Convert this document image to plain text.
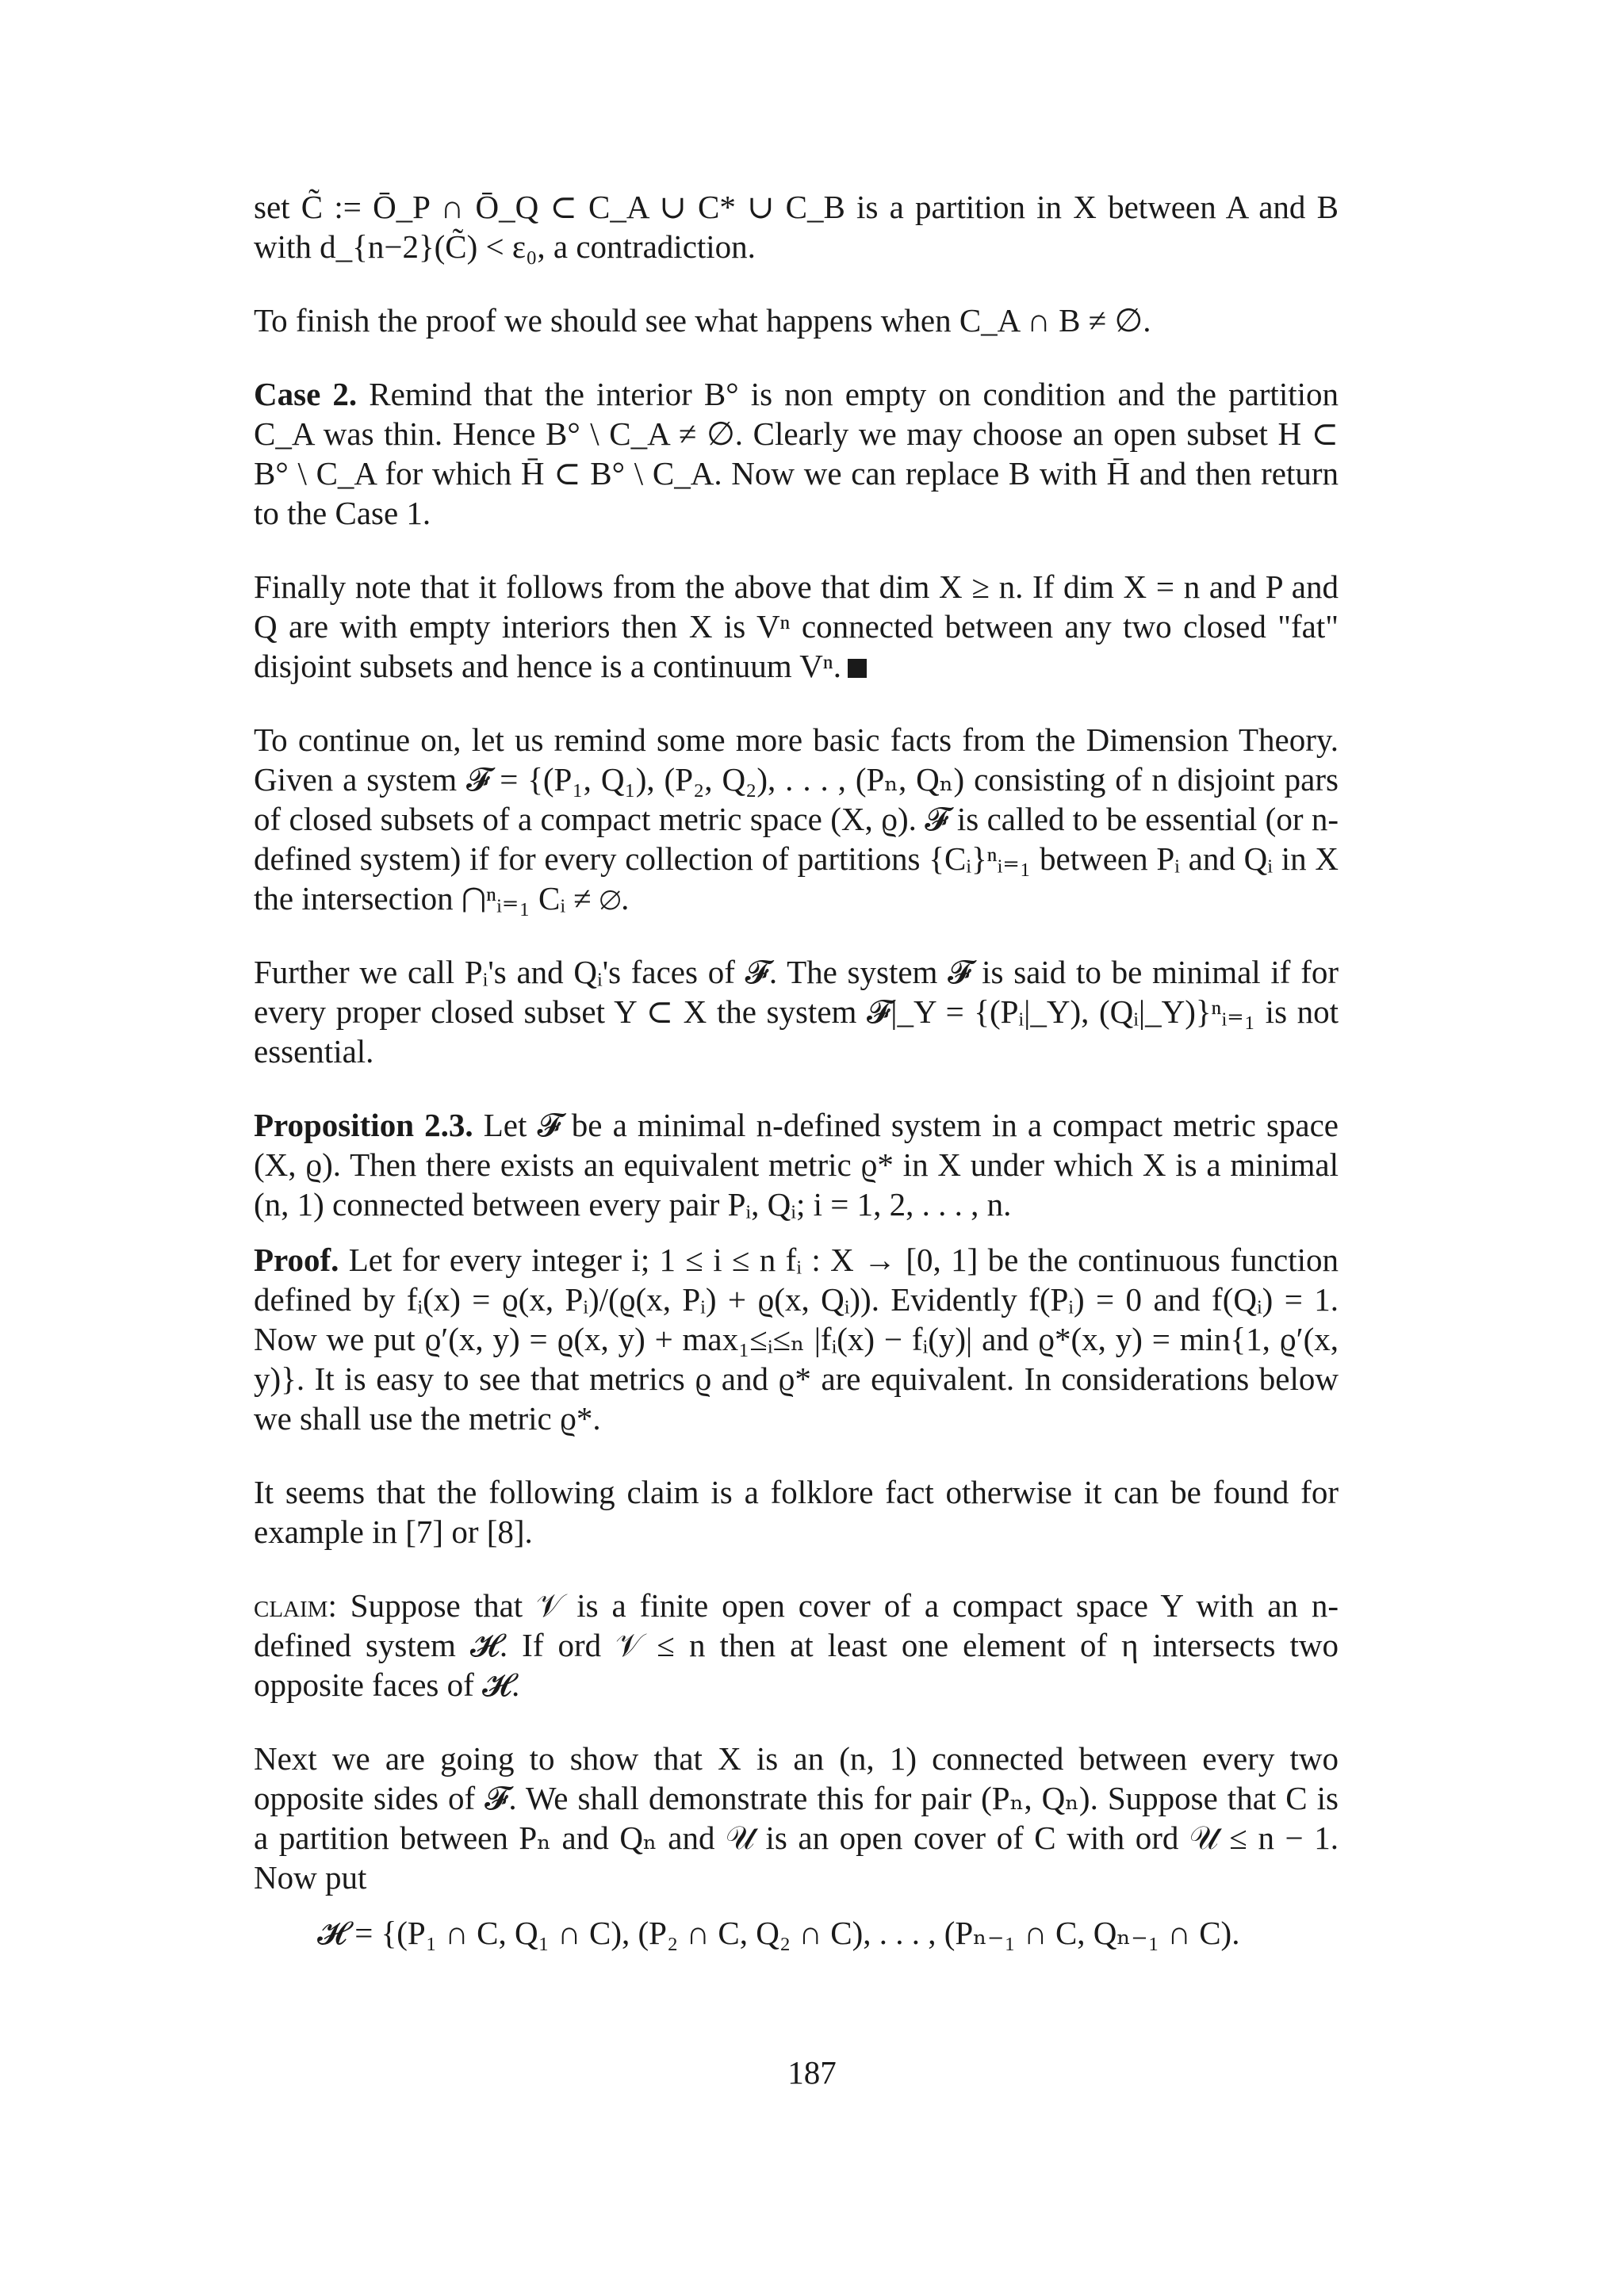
set C̃ := Ō_P ∩ Ō_Q ⊂ C_A ∪ C* ∪ C_B is a partition in X between A and B with d_{n−2}(C̃) < ε₀, a contradiction.

To finish the proof we should see what happens when C_A ∩ B ≠ ∅.

Case 2. Remind that the interior B° is non empty on condition and the partition C_A was thin. Hence B° \ C_A ≠ ∅. Clearly we may choose an open subset H ⊂ B° \ C_A for which H̄ ⊂ B° \ C_A. Now we can replace B with H̄ and then return to the Case 1.

Finally note that it follows from the above that dim X ≥ n. If dim X = n and P and Q are with empty interiors then X is Vⁿ connected between any two closed "fat" disjoint subsets and hence is a continuum Vⁿ.

To continue on, let us remind some more basic facts from the Dimension Theory. Given a system 𝓕 = {(P₁, Q₁), (P₂, Q₂), . . . , (Pₙ, Qₙ) consisting of n disjoint pars of closed subsets of a compact metric space (X, ϱ). 𝓕 is called to be essential (or n-defined system) if for every collection of partitions {Cᵢ}ⁿᵢ₌₁ between Pᵢ and Qᵢ in X the intersection ⋂ⁿᵢ₌₁ Cᵢ ≠ ∅.

Further we call Pᵢ's and Qᵢ's faces of 𝓕. The system 𝓕 is said to be minimal if for every proper closed subset Y ⊂ X the system 𝓕|_Y = {(Pᵢ|_Y), (Qᵢ|_Y)}ⁿᵢ₌₁ is not essential.

Proposition 2.3. Let 𝓕 be a minimal n-defined system in a compact metric space (X, ϱ). Then there exists an equivalent metric ϱ* in X under which X is a minimal (n, 1) connected between every pair Pᵢ, Qᵢ; i = 1, 2, . . . , n.

Proof. Let for every integer i; 1 ≤ i ≤ n fᵢ : X → [0, 1] be the continuous function defined by fᵢ(x) = ϱ(x, Pᵢ)/(ϱ(x, Pᵢ) + ϱ(x, Qᵢ)). Evidently f(Pᵢ) = 0 and f(Qᵢ) = 1. Now we put ϱ′(x, y) = ϱ(x, y) + max₁≤ᵢ≤ₙ |fᵢ(x) − fᵢ(y)| and ϱ*(x, y) = min{1, ϱ′(x, y)}. It is easy to see that metrics ϱ and ϱ* are equivalent. In considerations below we shall use the metric ϱ*.

It seems that the following claim is a folklore fact otherwise it can be found for example in [7] or [8].

claim: Suppose that 𝒱 is a finite open cover of a compact space Y with an n-defined system 𝓗. If ord 𝒱 ≤ n then at least one element of η intersects two opposite faces of 𝓗.

Next we are going to show that X is an (n, 1) connected between every two opposite sides of 𝓕. We shall demonstrate this for pair (Pₙ, Qₙ). Suppose that C is a partition between Pₙ and Qₙ and 𝒰 is an open cover of C with ord 𝒰 ≤ n − 1. Now put

𝓗 = {(P₁ ∩ C, Q₁ ∩ C), (P₂ ∩ C, Q₂ ∩ C), . . . , (Pₙ₋₁ ∩ C, Qₙ₋₁ ∩ C).
187
